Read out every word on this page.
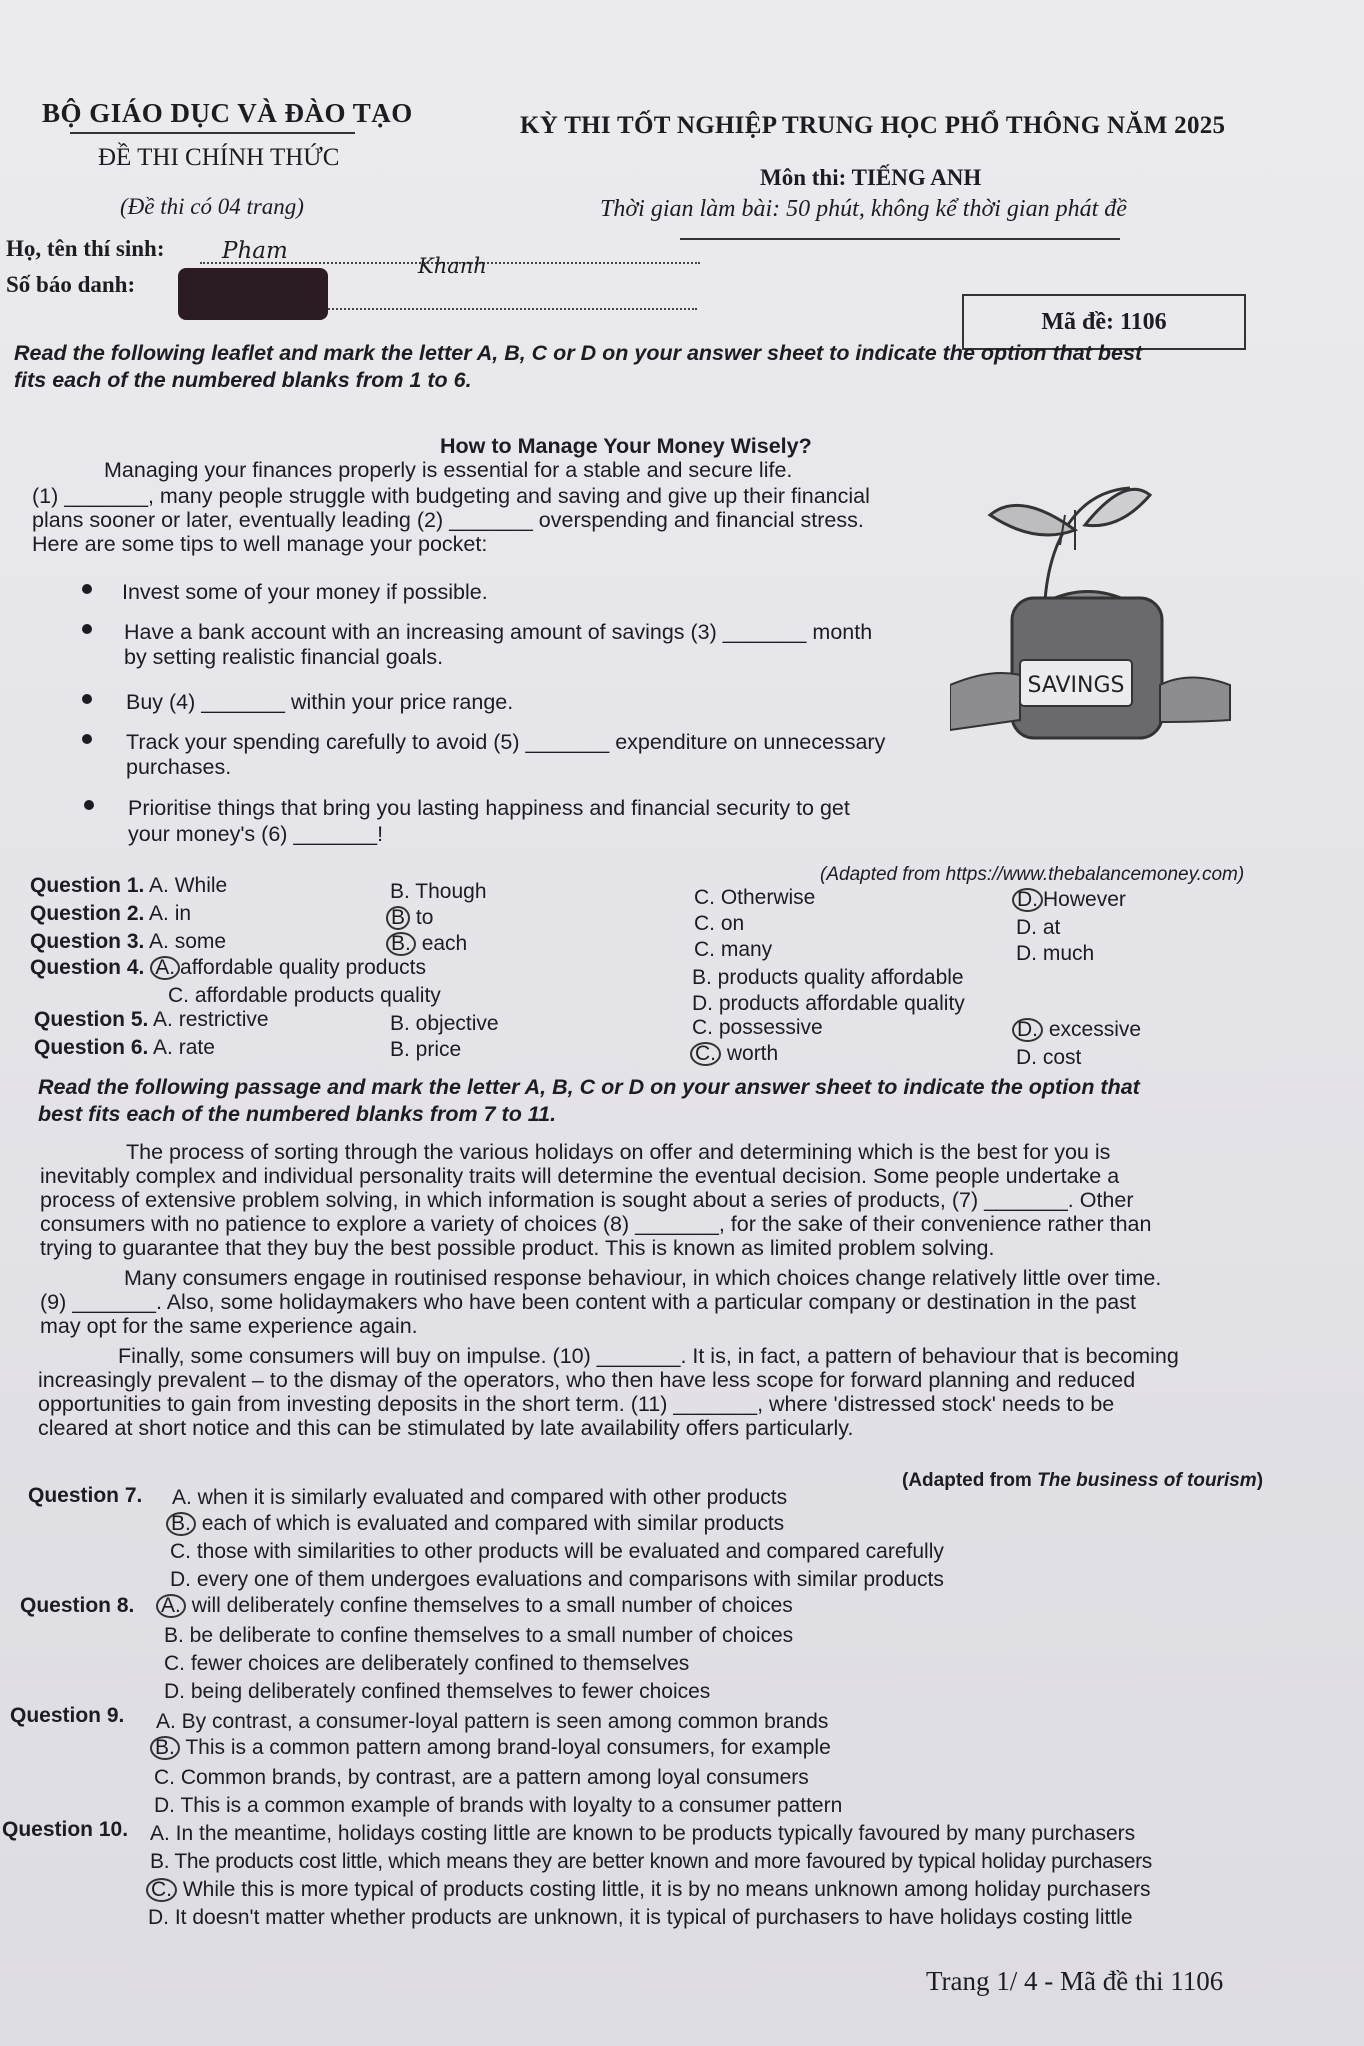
BỘ GIÁO DỤC VÀ ĐÀO TẠO
ĐỀ THI CHÍNH THỨC
(Đề thi có 04 trang)
KỲ THI TỐT NGHIỆP TRUNG HỌC PHỔ THÔNG NĂM 2025
Môn thi: TIẾNG ANH
Thời gian làm bài: 50 phút, không kể thời gian phát đề
Họ, tên thí sinh:	Pham
Khanh
Số báo danh:
Mã đề: 1106
Read the following leaflet and mark the letter A, B, C or D on your answer sheet to indicate the option that best
fits each of the numbered blanks from 1 to 6.
How to Manage Your Money Wisely?
Managing your finances properly is essential for a stable and secure life.
(1) _______, many people struggle with budgeting and saving and give up their financial
plans sooner or later, eventually leading (2) _______ overspending and financial stress.
Here are some tips to well manage your pocket:
Invest some of your money if possible.
Have a bank account with an increasing amount of savings (3) _______ month
by setting realistic financial goals.
Buy (4) _______ within your price range.
Track your spending carefully to avoid (5) _______ expenditure on unnecessary
purchases.
Prioritise things that bring you lasting happiness and financial security to get
your money's (6) _______!
SAVINGS
(Adapted from https://www.thebalancemoney.com)
Question 1. A. While	B. Though	C. Otherwise	D. However
Question 2. A. in	B to	C. on	D. at
Question 3. A. some	B. each	C. many	D. much
Question 4. A. affordable quality products	B. products quality affordable
C. affordable products quality	D. products affordable quality
Question 5. A. restrictive	B. objective	C. possessive	D. excessive
Question 6. A. rate	B. price	C. worth	D. cost
Read the following passage and mark the letter A, B, C or D on your answer sheet to indicate the option that
best fits each of the numbered blanks from 7 to 11.
The process of sorting through the various holidays on offer and determining which is the best for you is
inevitably complex and individual personality traits will determine the eventual decision. Some people undertake a
process of extensive problem solving, in which information is sought about a series of products, (7) _______. Other
consumers with no patience to explore a variety of choices (8) _______, for the sake of their convenience rather than
trying to guarantee that they buy the best possible product. This is known as limited problem solving.
Many consumers engage in routinised response behaviour, in which choices change relatively little over time.
(9) _______. Also, some holidaymakers who have been content with a particular company or destination in the past
may opt for the same experience again.
Finally, some consumers will buy on impulse. (10) _______. It is, in fact, a pattern of behaviour that is becoming
increasingly prevalent – to the dismay of the operators, who then have less scope for forward planning and reduced
opportunities to gain from investing deposits in the short term. (11) _______, where 'distressed stock' needs to be
cleared at short notice and this can be stimulated by late availability offers particularly.
(Adapted from The business of tourism)
Question 7. A. when it is similarly evaluated and compared with other products
B. each of which is evaluated and compared with similar products
C. those with similarities to other products will be evaluated and compared carefully
D. every one of them undergoes evaluations and comparisons with similar products
Question 8. A. will deliberately confine themselves to a small number of choices
B. be deliberate to confine themselves to a small number of choices
C. fewer choices are deliberately confined to themselves
D. being deliberately confined themselves to fewer choices
Question 9. A. By contrast, a consumer-loyal pattern is seen among common brands
B. This is a common pattern among brand-loyal consumers, for example
C. Common brands, by contrast, are a pattern among loyal consumers
D. This is a common example of brands with loyalty to a consumer pattern
Question 10. A. In the meantime, holidays costing little are known to be products typically favoured by many purchasers
B. The products cost little, which means they are better known and more favoured by typical holiday purchasers
C. While this is more typical of products costing little, it is by no means unknown among holiday purchasers
D. It doesn't matter whether products are unknown, it is typical of purchasers to have holidays costing little
Trang 1/ 4 - Mã đề thi 1106
